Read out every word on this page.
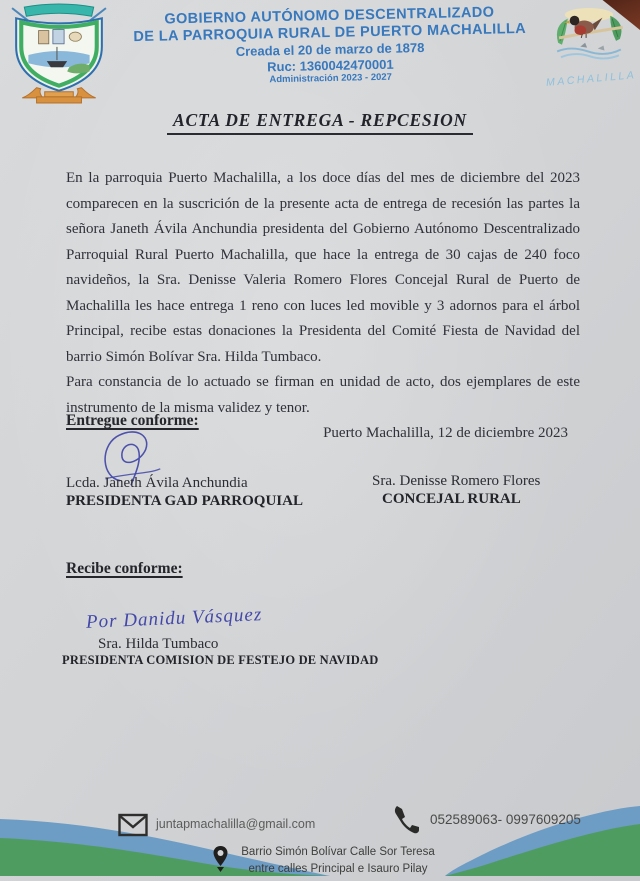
GOBIERNO AUTÓNOMO DESCENTRALIZADO
DE LA PARROQUIA RURAL DE PUERTO MACHALILLA
Creada el 20 de marzo de 1878
Ruc: 1360042470001
Administración 2023 - 2027	MACHALILLA
ACTA DE ENTREGA - REPCESION

En la parroquia Puerto Machalilla, a los doce días del mes de diciembre del 2023 comparecen en la suscrición de la presente acta de entrega de recesión las partes la señora Janeth Ávila Anchundia presidenta del Gobierno Autónomo Descentralizado Parroquial Rural Puerto Machalilla, que hace la entrega de 30 cajas de 240 foco navideños, la Sra. Denisse Valeria Romero Flores Concejal Rural de Puerto de Machalilla les hace entrega 1 reno con luces led movible y 3 adornos para el árbol Principal, recibe estas donaciones la Presidenta del Comité Fiesta de Navidad del barrio Simón Bolívar Sra. Hilda Tumbaco.

Para constancia de lo actuado se firman en unidad de acto, dos ejemplares de este instrumento de la misma validez y tenor.

Puerto Machalilla, 12 de diciembre 2023

Entregue conforme:
Lcda. Janeth Ávila Anchundia
PRESIDENTA GAD PARROQUIAL
Sra. Denisse Romero Flores
CONCEJAL RURAL
Recibe conforme:
Por Danidu Vásquez
Sra. Hilda Tumbaco
PRESIDENTA COMISION DE FESTEJO DE NAVIDAD
juntapmachalilla@gmail.com	052589063- 0997609205
Barrio Simón Bolívar Calle Sor Teresa
entre calles Principal e Isauro Pilay
